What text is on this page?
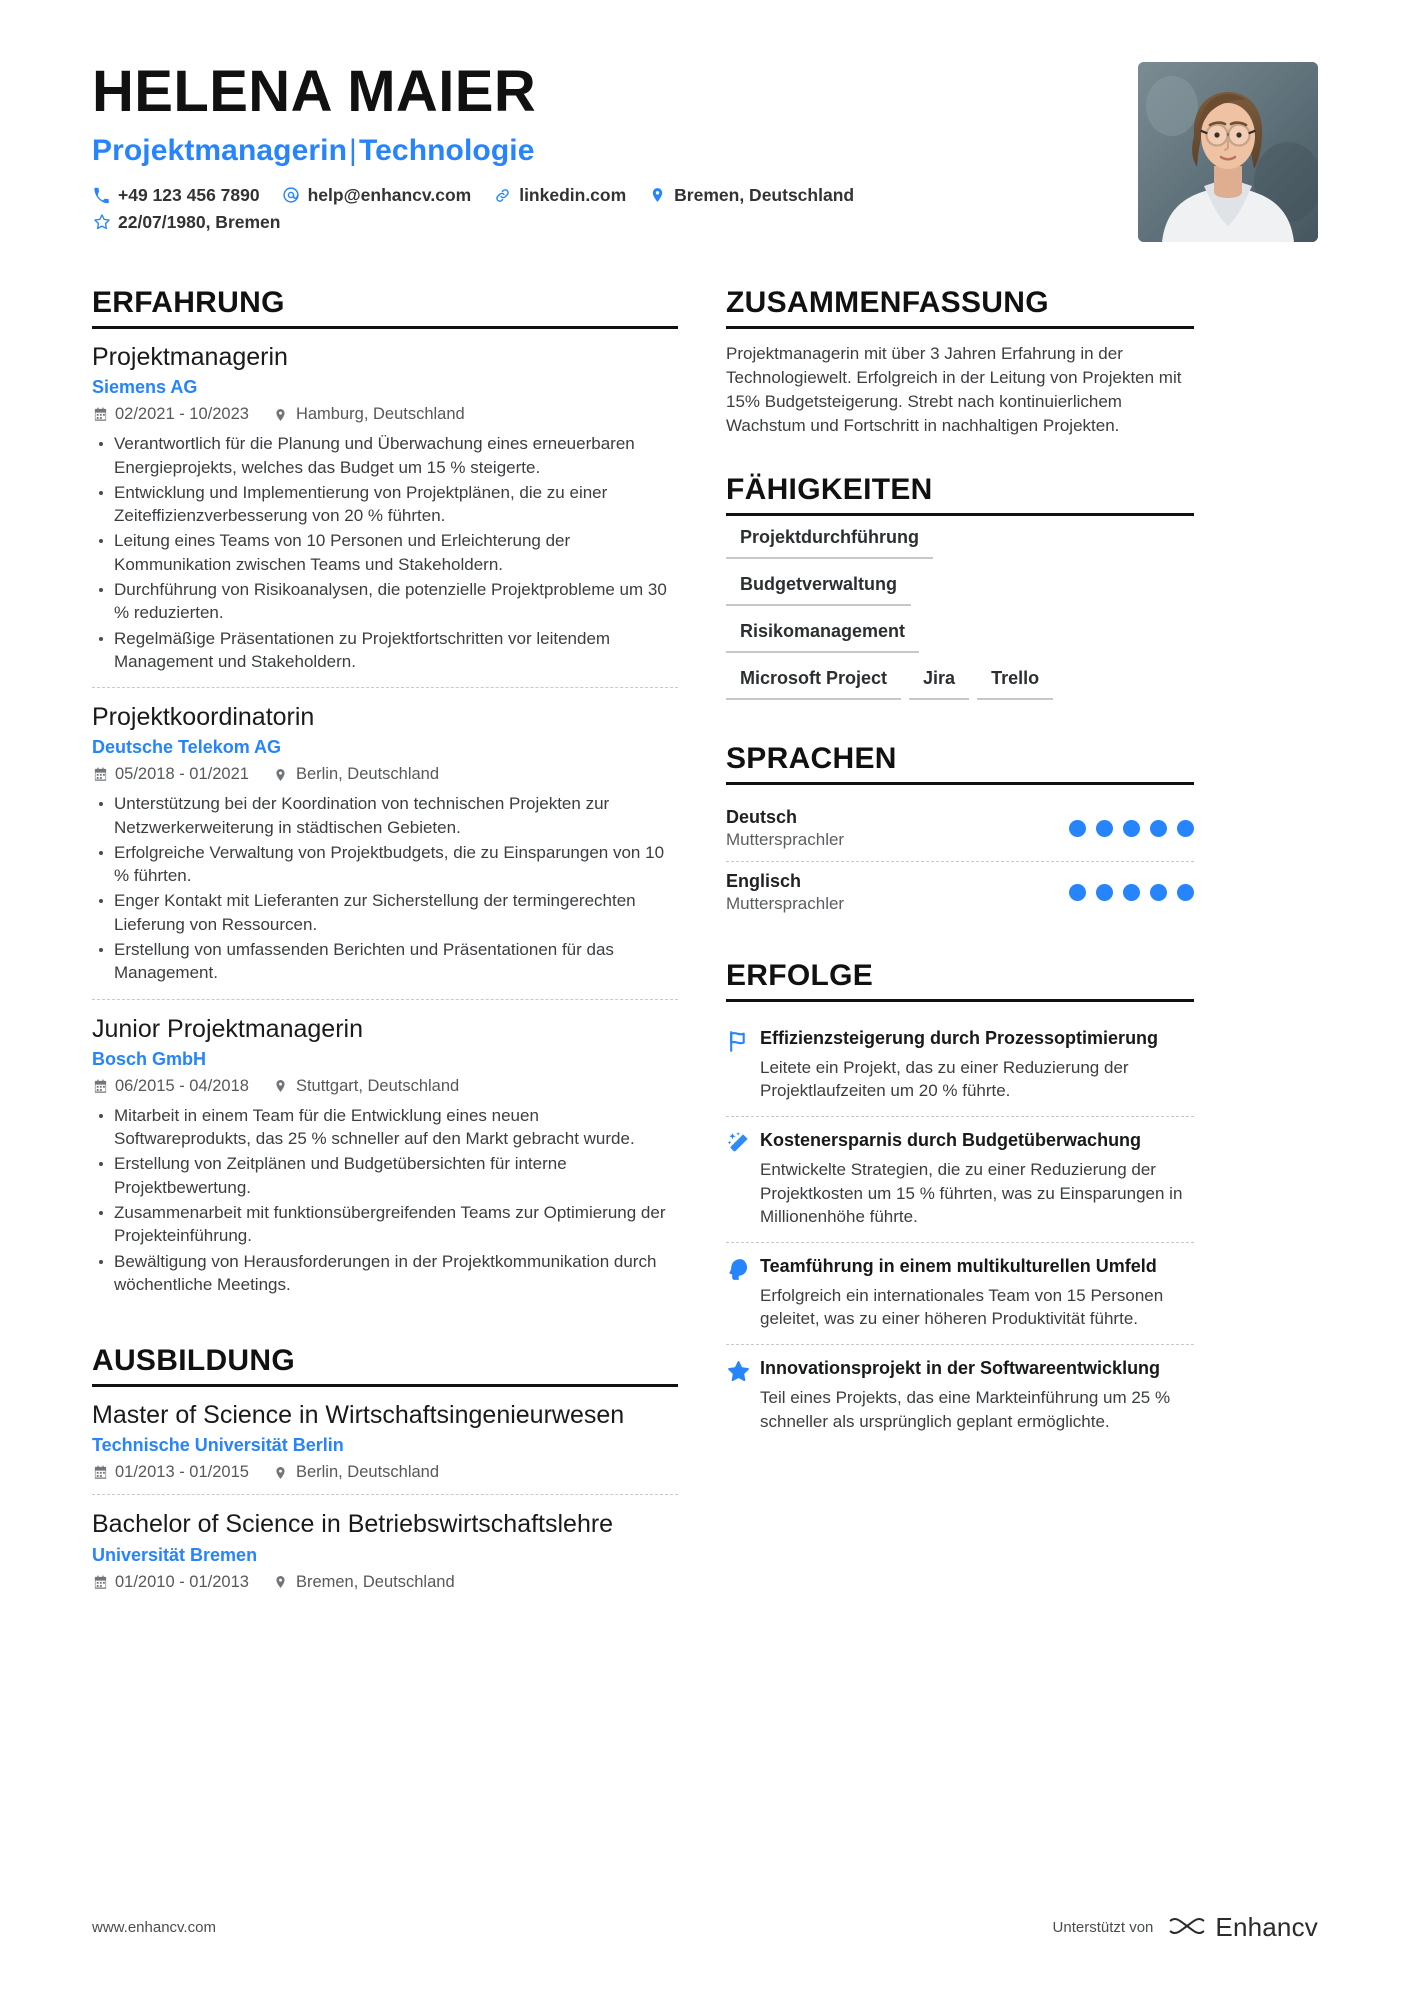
HELENA MAIER
Projektmanagerin|Technologie
+49 123 456 7890	help@enhancv.com	linkedin.com	Bremen, Deutschland
22/07/1980, Bremen
ERFAHRUNG
Projektmanagerin
Siemens AG
02/2021 - 10/2023	Hamburg, Deutschland
Verantwortlich für die Planung und Überwachung eines erneuerbaren Energieprojekts, welches das Budget um 15 % steigerte.
Entwicklung und Implementierung von Projektplänen, die zu einer Zeiteffizienzverbesserung von 20 % führten.
Leitung eines Teams von 10 Personen und Erleichterung der Kommunikation zwischen Teams und Stakeholdern.
Durchführung von Risikoanalysen, die potenzielle Projektprobleme um 30 % reduzierten.
Regelmäßige Präsentationen zu Projektfortschritten vor leitendem Management und Stakeholdern.
Projektkoordinatorin
Deutsche Telekom AG
05/2018 - 01/2021	Berlin, Deutschland
Unterstützung bei der Koordination von technischen Projekten zur Netzwerkerweiterung in städtischen Gebieten.
Erfolgreiche Verwaltung von Projektbudgets, die zu Einsparungen von 10 % führten.
Enger Kontakt mit Lieferanten zur Sicherstellung der termingerechten Lieferung von Ressourcen.
Erstellung von umfassenden Berichten und Präsentationen für das Management.
Junior Projektmanagerin
Bosch GmbH
06/2015 - 04/2018	Stuttgart, Deutschland
Mitarbeit in einem Team für die Entwicklung eines neuen Softwareprodukts, das 25 % schneller auf den Markt gebracht wurde.
Erstellung von Zeitplänen und Budgetübersichten für interne Projektbewertung.
Zusammenarbeit mit funktionsübergreifenden Teams zur Optimierung der Projekteinführung.
Bewältigung von Herausforderungen in der Projektkommunikation durch wöchentliche Meetings.
AUSBILDUNG
Master of Science in Wirtschaftsingenieurwesen
Technische Universität Berlin
01/2013 - 01/2015	Berlin, Deutschland
Bachelor of Science in Betriebswirtschaftslehre
Universität Bremen
01/2010 - 01/2013	Bremen, Deutschland
ZUSAMMENFASSUNG
Projektmanagerin mit über 3 Jahren Erfahrung in der Technologiewelt. Erfolgreich in der Leitung von Projekten mit 15% Budgetsteigerung. Strebt nach kontinuierlichem Wachstum und Fortschritt in nachhaltigen Projekten.
FÄHIGKEITEN
Projektdurchführung
Budgetverwaltung
Risikomanagement
Microsoft Project	Jira	Trello
SPRACHEN
Deutsch
Muttersprachler
Englisch
Muttersprachler
ERFOLGE
Effizienzsteigerung durch Prozessoptimierung
Leitete ein Projekt, das zu einer Reduzierung der Projektlaufzeiten um 20 % führte.
Kostenersparnis durch Budgetüberwachung
Entwickelte Strategien, die zu einer Reduzierung der Projektkosten um 15 % führten, was zu Einsparungen in Millionenhöhe führte.
Teamführung in einem multikulturellen Umfeld
Erfolgreich ein internationales Team von 15 Personen geleitet, was zu einer höheren Produktivität führte.
Innovationsprojekt in der Softwareentwicklung
Teil eines Projekts, das eine Markteinführung um 25 % schneller als ursprünglich geplant ermöglichte.
www.enhancv.com	Unterstützt von Enhancv
